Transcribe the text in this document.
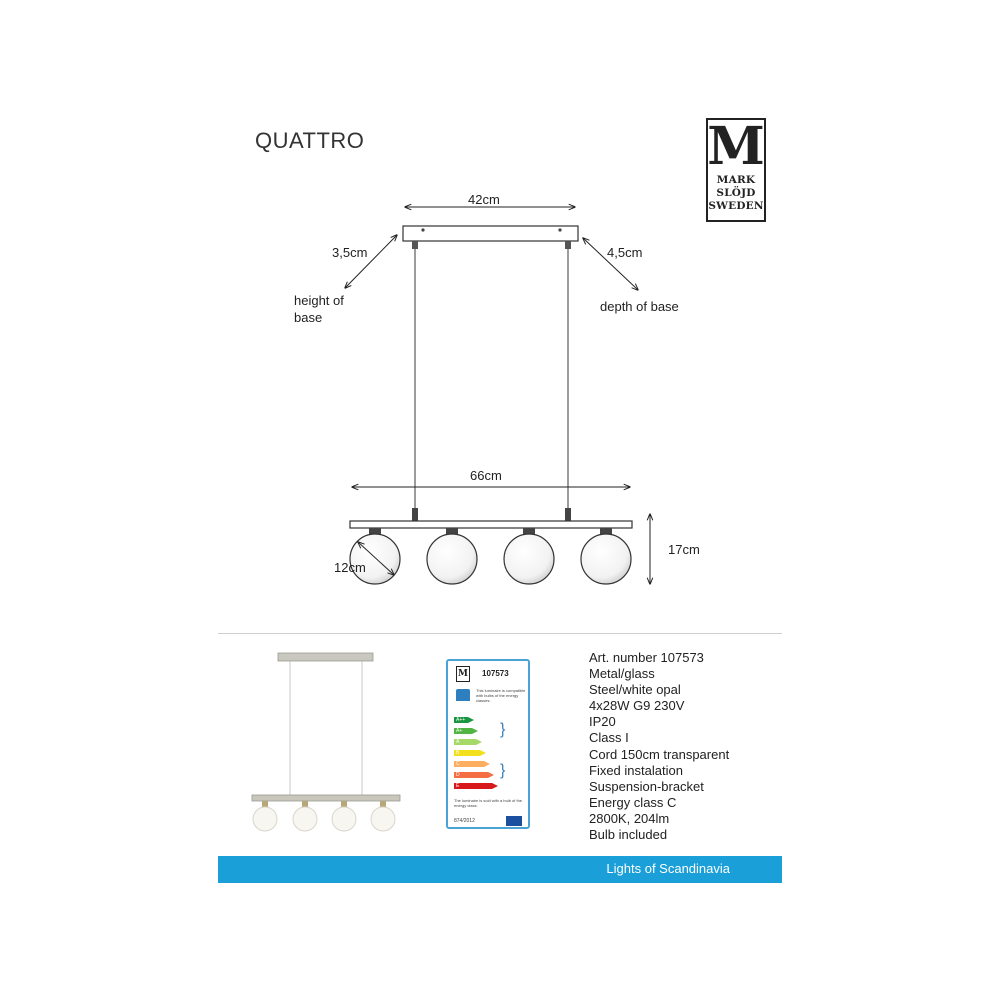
QUATTRO	M
MARK
SLÖJD
SWEDEN
42cm
3,5cm
height of
base
4,5cm
depth of base
66cm
12cm
17cm
M 107573
This luminaire is compatible with bulbs of the energy classes:
A++
A+
A
B
C
D
E
}
}
The luminaire is sold with a bulb of the energy class:
874/2012
Art. number 107573
Metal/glass
Steel/white opal
4x28W G9 230V
IP20
Class I
Cord 150cm transparent
Fixed instalation
Suspension-bracket
Energy class C
2800K, 204lm
Bulb included
Lights of Scandinavia
